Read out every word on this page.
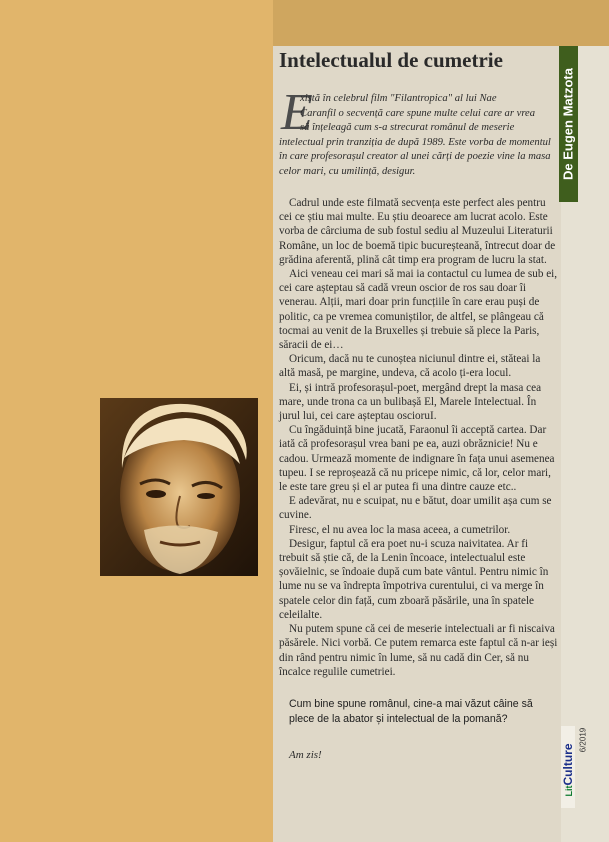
De Eugen Matzota
Intelectualul de cumetrie
E

xistă în celebrul film "Filantropica" al lui Nae
Caranfil o secvență care spune multe celui care ar vrea
să înțeleagă cum s-a strecurat românul de meserie
intelectual prin tranziția de după 1989. Este vorba de momentul
în care profesorașul creator al unei cărți de poezie vine la masa
celor mari, cu umilință, desigur.

Cadrul unde este filmată secvența este perfect ales pentru
cei ce știu mai multe. Eu știu deoarece am lucrat acolo. Este
vorba de cârciuma de sub fostul sediu al Muzeului Literaturii
Române, un loc de boemă tipic bucureșteană, întrecut doar de
grădina aferentă, plină cât timp era program de lucru la stat.
Aici veneau cei mari să mai ia contactul cu lumea de sub ei,
cei care așteptau să cadă vreun oscior de ros sau doar îi
venerau. Alții, mari doar prin funcțiile în care erau puși de
politic, ca pe vremea comuniștilor, de altfel, se plângeau că
tocmai au venit de la Bruxelles și trebuie să plece la Paris,
săracii de ei…
Oricum, dacă nu te cunoștea niciunul dintre ei, stăteai la
altă masă, pe margine, undeva, că acolo ți-era locul.
Ei, și intră profesorașul-poet, mergând drept la masa cea
mare, unde trona ca un bulibașă El, Marele Intelectual. În
jurul lui, cei care așteptau oscioruI.
Cu îngăduință bine jucată, Faraonul îi acceptă cartea. Dar
iată că profesorașul vrea bani pe ea, auzi obrăznicie! Nu e
cadou. Urmează momente de indignare în fața unui asemenea
tupeu. I se reproșează că nu pricepe nimic, că lor, celor mari,
le este tare greu și el ar putea fi una dintre cauze etc..
E adevărat, nu e scuipat, nu e bătut, doar umilit așa cum se
cuvine.
Firesc, el nu avea loc la masa aceea, a cumetrilor.
Desigur, faptul că era poet nu-i scuza naivitatea. Ar fi
trebuit să știe că, de la Lenin încoace, intelectualul este
șovăielnic, se îndoaie după cum bate vântul. Pentru nimic în
lume nu se va îndrepta împotriva curentului, ci va merge în
spatele celor din față, cum zboară păsările, una în spatele
celeilalte.
Nu putem spune că cei de meserie intelectuali ar fi niscaiva
păsărele. Nici vorbă. Ce putem remarca este faptul că n-ar ieși
din rând pentru nimic în lume, să nu cadă din Cer, să nu
încalce regulile cumetriei.

Cum bine spune românul, cine-a mai văzut câine să
plece de la abator și intelectual de la pomană?

Am zis!
LitCulture
6/2019
